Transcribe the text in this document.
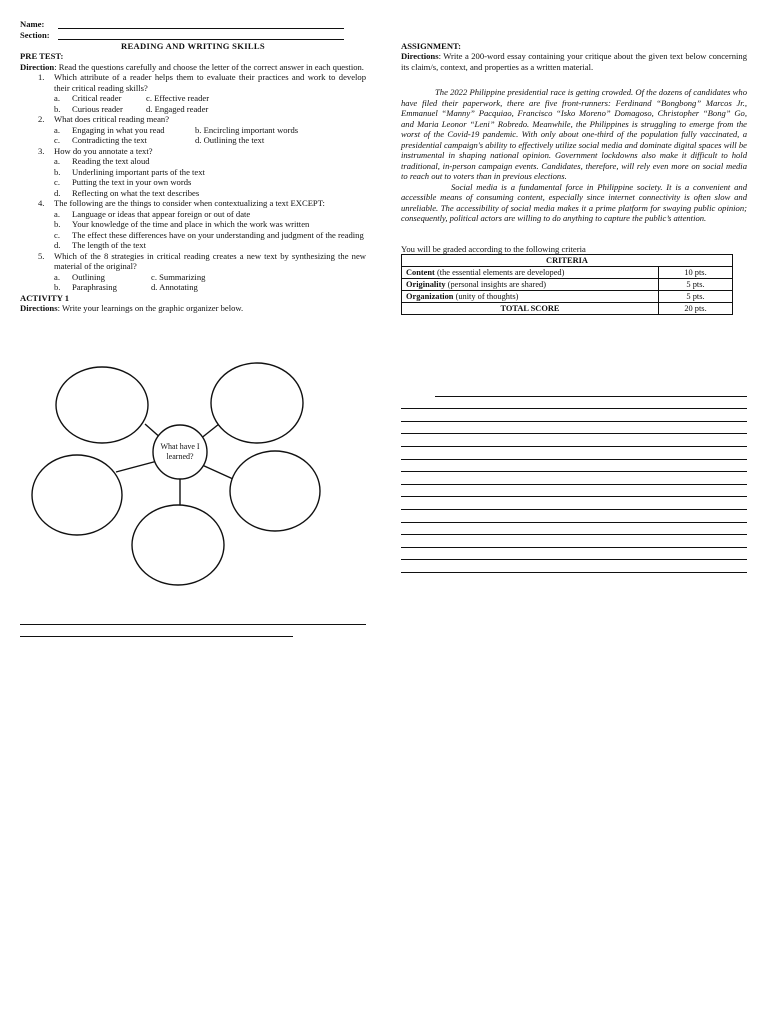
Name:
Section:
READING AND WRITING SKILLS
PRE TEST:

Direction: Read the questions carefully and choose the letter of the correct answer in each question.

1. Which attribute of a reader helps them to evaluate their practices and work to develop their critical reading skills?
a.	Critical reader	c. Effective reader
b.	Curious reader	d. Engaged reader
2. What does critical reading mean?
a.	Engaging in what you read	b. Encircling important words
c.	Contradicting the text	d. Outlining the text
3. How do you annotate a text?
a.	Reading the text aloud
b.	Underlining important parts of the text
c.	Putting the text in your own words
d.	Reflecting on what the text describes
4. The following are the things to consider when contextualizing a text EXCEPT:
a.	Language or ideas that appear foreign or out of date
b.	Your knowledge of the time and place in which the work was written
c.	The effect these differences have on your understanding and judgment of the reading
d.	The length of the text
5. Which of the 8 strategies in critical reading creates a new text by synthesizing the new material of the original?
a.	Outlining	c. Summarizing
b.	Paraphrasing	d. Annotating
ACTIVITY 1

Directions: Write your learnings on the graphic organizer below.

What have I
learned?
ASSIGNMENT:

Directions: Write a 200-word essay containing your critique about the given text below concerning its claim/s, context, and properties as a written material.

The 2022 Philippine presidential race is getting crowded. Of the dozens of candidates who have filed their paperwork, there are five front-runners: Ferdinand “Bongbong” Marcos Jr., Emmanuel “Manny” Pacquiao, Francisco “Isko Moreno” Domagoso, Christopher “Bong” Go, and Maria Leonor “Leni” Robredo. Meanwhile, the Philippines is struggling to emerge from the worst of the Covid-19 pandemic. With only about one-third of the population fully vaccinated, a presidential campaign's ability to effectively utilize social media and dominate digital spaces will be instrumental in shaping national opinion. Government lockdowns also make it difficult to hold traditional, in-person campaign events. Candidates, therefore, will rely even more on social media to reach out to voters than in previous elections.

Social media is a fundamental force in Philippine society. It is a convenient and accessible means of consuming content, especially since internet connectivity is often slow and unreliable. The accessibility of social media makes it a prime platform for swaying public opinion; consequently, political actors are willing to do anything to capture the public’s attention.

You will be graded according to the following criteria

CRITERIA	
Content (the essential elements are developed)	10 pts.
Originality (personal insights are shared)	5 pts.
Organization (unity of thoughts)	5 pts.
TOTAL SCORE	20 pts.
